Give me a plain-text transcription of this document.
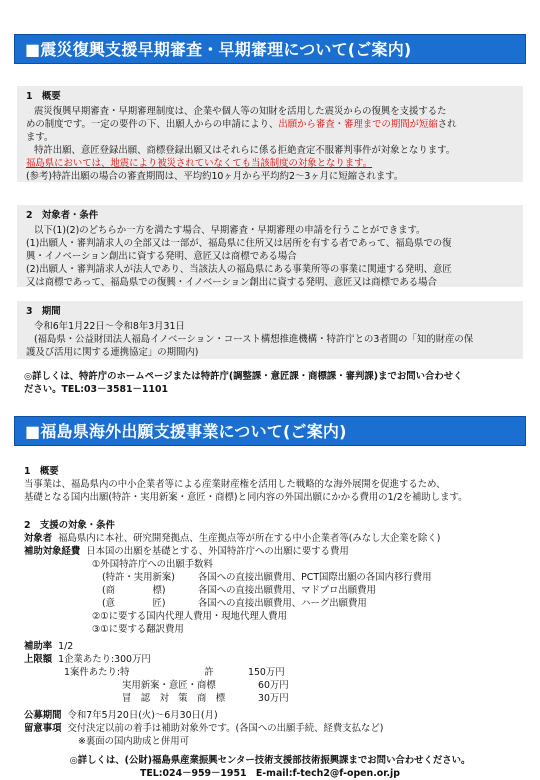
■震災復興支援早期審査・早期審理について(ご案内)
1　概要

震災復興早期審査・早期審理制度は、企業や個人等の知財を活用した震災からの復興を支援するた

めの制度です。一定の要件の下、出願人からの申請により、出願から審査・審理までの期間が短縮され

ます。

特許出願、意匠登録出願、商標登録出願又はそれらに係る拒絶査定不服審判事件が対象となります。

福島県においては、地震により被災されていなくても当該制度の対象となります。

(参考)特許出願の場合の審査期間は、平均約10ヶ月から平均約2～3ヶ月に短縮されます。

2　対象者・条件

以下(1)(2)のどちらか一方を満たす場合、早期審査・早期審理の申請を行うことができます。

(1)出願人・審判請求人の全部又は一部が、福島県に住所又は居所を有する者であって、福島県での復

興・イノベーション創出に資する発明、意匠又は商標である場合

(2)出願人・審判請求人が法人であり、当該法人の福島県にある事業所等の事業に関連する発明、意匠

又は商標であって、福島県での復興・イノベーション創出に資する発明、意匠又は商標である場合

3　期間

令和6年1月22日～令和8年3月31日

(福島県・公益財団法人福島イノベーション・コースト構想推進機構・特許庁との3者間の「知的財産の保

護及び活用に関する連携協定」の期間内)

◎詳しくは、特許庁のホームページまたは特許庁(調整課・意匠課・商標課・審判課)までお問い合わせく
ださい。TEL:03－3581－1101
■福島県海外出願支援事業について(ご案内)
1　概要
当事業は、福島県内の中小企業者等による産業財産権を活用した戦略的な海外展開を促進するため、
基礎となる国内出願(特許・実用新案・意匠・商標)と同内容の外国出願にかかる費用の1/2を補助します。
2　支援の対象・条件
対象者 福島県内に本社、研究開発拠点、生産拠点等が所在する中小企業者等(みなし大企業を除く)
補助対象経費 日本国の出願を基礎とする、外国特許庁への出願に要する費用
①外国特許庁への出願手数料
(特許・実用新案) 各国への直接出願費用、PCT国際出願の各国内移行費用
(商　　　　標)	各国への直接出願費用、マドプロ出願費用
(意　　　　匠)	各国への直接出願費用、ハーグ出願費用
②①に要する国内代理人費用・現地代理人費用
③①に要する翻訳費用
補助率 1/2
上限額 1企業あたり:300万円
1案件あたり:特　　　　　　　　許	150万円
実用新案・意匠・商標	60万円
冒　認　対　策　商　標	30万円
公募期間 令和7年5月20日(火)～6月30日(月)
留意事項 交付決定以前の着手は補助対象外です。(各国への出願手続、経費支払など)
※裏面の国内助成と併用可
◎詳しくは、(公財)福島県産業振興センター技術支援部技術振興課までお問い合わせください。
TEL:024－959－1951　E-mail:f-tech2@f-open.or.jp
